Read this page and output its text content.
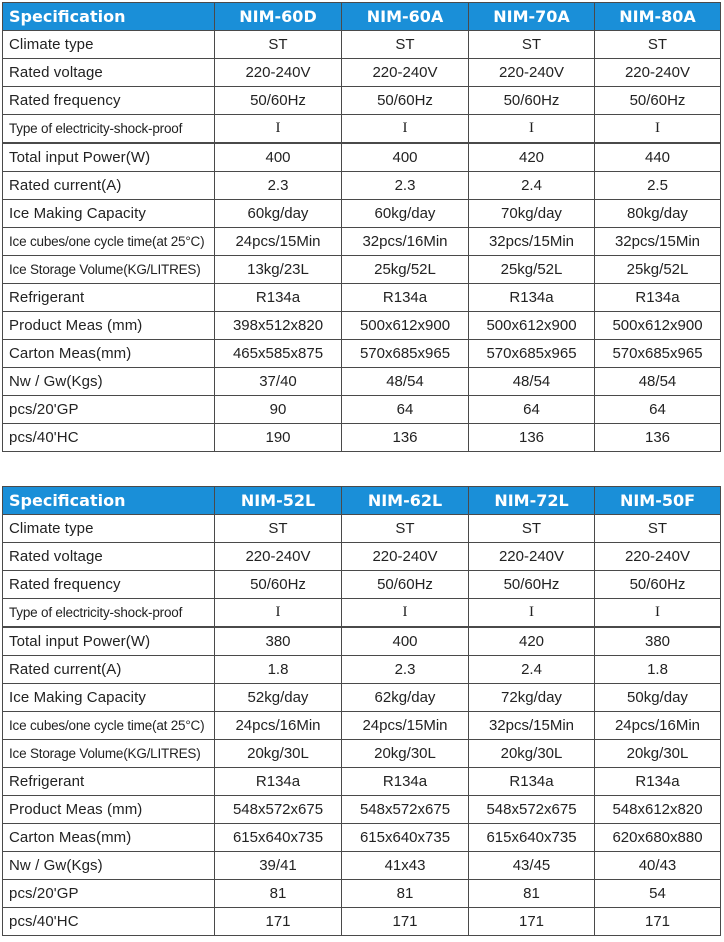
Specification	NIM-60D	NIM-60A	NIM-70A	NIM-80A
Climate type	ST	ST	ST	ST
Rated voltage	220-240V	220-240V	220-240V	220-240V
Rated frequency	50/60Hz	50/60Hz	50/60Hz	50/60Hz
Type of electricity-shock-proof	I	I	I	I
Total input Power(W)	400	400	420	440
Rated current(A)	2.3	2.3	2.4	2.5
Ice Making Capacity	60kg/day	60kg/day	70kg/day	80kg/day
Ice cubes/one cycle time(at 25°C)	24pcs/15Min	32pcs/16Min	32pcs/15Min	32pcs/15Min
Ice Storage Volume(KG/LITRES)	13kg/23L	25kg/52L	25kg/52L	25kg/52L
Refrigerant	R134a	R134a	R134a	R134a
Product Meas (mm)	398x512x820	500x612x900	500x612x900	500x612x900
Carton Meas(mm)	465x585x875	570x685x965	570x685x965	570x685x965
Nw / Gw(Kgs)	37/40	48/54	48/54	48/54
pcs/20'GP	90	64	64	64
pcs/40'HC	190	136	136	136
Specification	NIM-52L	NIM-62L	NIM-72L	NIM-50F
Climate type	ST	ST	ST	ST
Rated voltage	220-240V	220-240V	220-240V	220-240V
Rated frequency	50/60Hz	50/60Hz	50/60Hz	50/60Hz
Type of electricity-shock-proof	I	I	I	I
Total input Power(W)	380	400	420	380
Rated current(A)	1.8	2.3	2.4	1.8
Ice Making Capacity	52kg/day	62kg/day	72kg/day	50kg/day
Ice cubes/one cycle time(at 25°C)	24pcs/16Min	24pcs/15Min	32pcs/15Min	24pcs/16Min
Ice Storage Volume(KG/LITRES)	20kg/30L	20kg/30L	20kg/30L	20kg/30L
Refrigerant	R134a	R134a	R134a	R134a
Product Meas (mm)	548x572x675	548x572x675	548x572x675	548x612x820
Carton Meas(mm)	615x640x735	615x640x735	615x640x735	620x680x880
Nw / Gw(Kgs)	39/41	41x43	43/45	40/43
pcs/20'GP	81	81	81	54
pcs/40'HC	171	171	171	171
